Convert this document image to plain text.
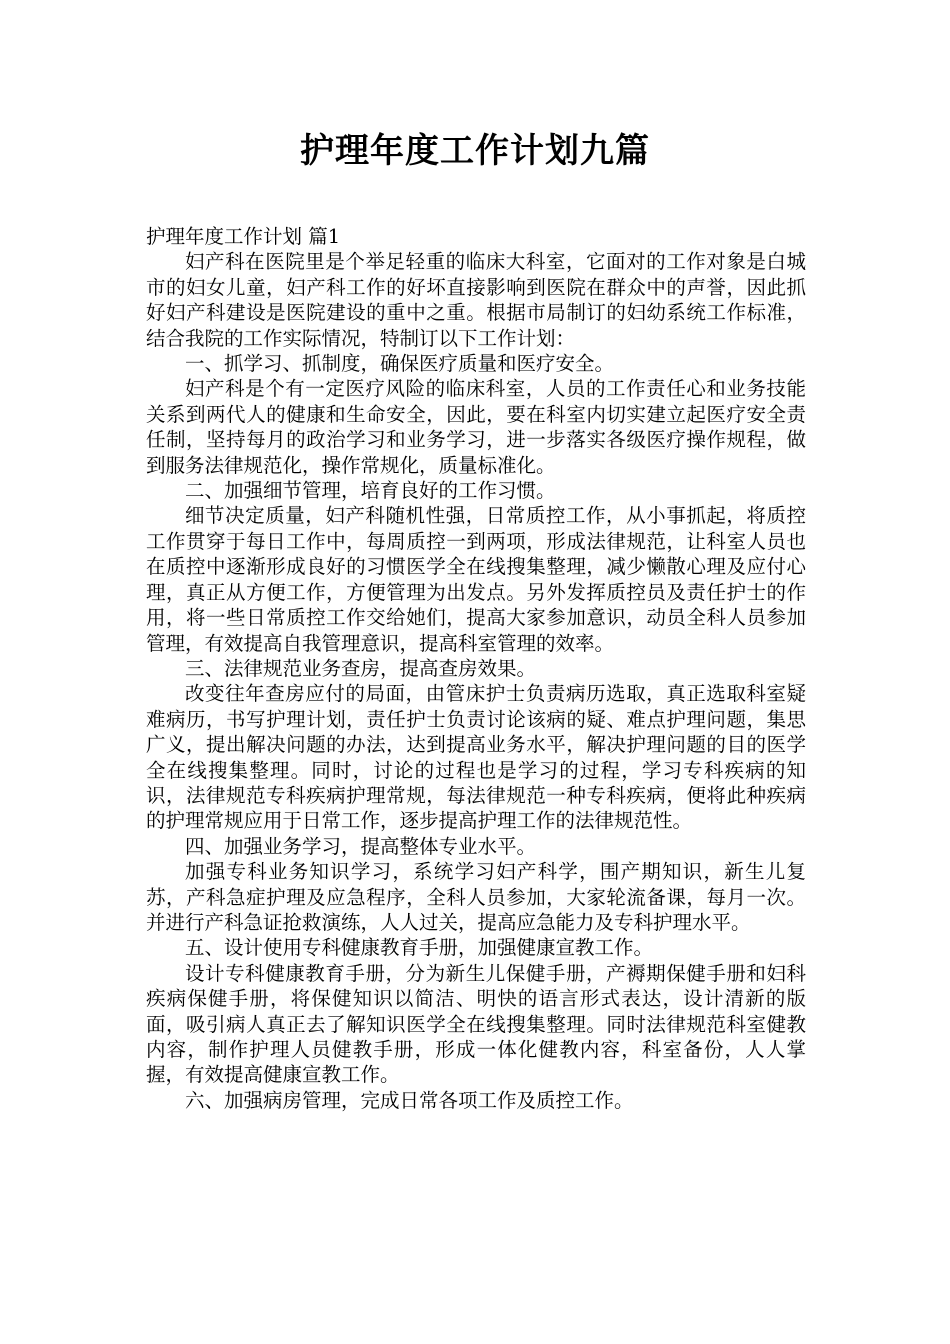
护理年度工作计划九篇

护理年度工作计划 篇1

妇产科在医院里是个举足轻重的临床大科室，它面对的工作对象是白城市的妇女儿童，妇产科工作的好坏直接影响到医院在群众中的声誉，因此抓好妇产科建设是医院建设的重中之重。根据市局制订的妇幼系统工作标准，结合我院的工作实际情况，特制订以下工作计划：

一、抓学习、抓制度，确保医疗质量和医疗安全。

妇产科是个有一定医疗风险的临床科室，人员的工作责任心和业务技能关系到两代人的健康和生命安全，因此，要在科室内切实建立起医疗安全责任制，坚持每月的政治学习和业务学习，进一步落实各级医疗操作规程，做到服务法律规范化，操作常规化，质量标准化。

二、加强细节管理，培育良好的工作习惯。

细节决定质量，妇产科随机性强，日常质控工作，从小事抓起，将质控工作贯穿于每日工作中，每周质控一到两项，形成法律规范，让科室人员也在质控中逐渐形成良好的习惯医学全在线搜集整理，减少懒散心理及应付心理，真正从方便工作，方便管理为出发点。另外发挥质控员及责任护士的作用，将一些日常质控工作交给她们，提高大家参加意识，动员全科人员参加管理，有效提高自我管理意识，提高科室管理的效率。

三、法律规范业务查房，提高查房效果。

改变往年查房应付的局面，由管床护士负责病历选取，真正选取科室疑难病历，书写护理计划，责任护士负责讨论该病的疑、难点护理问题，集思广义，提出解决问题的办法，达到提高业务水平，解决护理问题的目的医学全在线搜集整理。同时，讨论的过程也是学习的过程，学习专科疾病的知识，法律规范专科疾病护理常规，每法律规范一种专科疾病，便将此种疾病的护理常规应用于日常工作，逐步提高护理工作的法律规范性。

四、加强业务学习，提高整体专业水平。

加强专科业务知识学习，系统学习妇产科学，围产期知识，新生儿复苏，产科急症护理及应急程序，全科人员参加，大家轮流备课，每月一次。并进行产科急证抢救演练，人人过关，提高应急能力及专科护理水平。

五、设计使用专科健康教育手册，加强健康宣教工作。

设计专科健康教育手册，分为新生儿保健手册，产褥期保健手册和妇科疾病保健手册，将保健知识以简洁、明快的语言形式表达，设计清新的版面，吸引病人真正去了解知识医学全在线搜集整理。同时法律规范科室健教内容，制作护理人员健教手册，形成一体化健教内容，科室备份，人人掌握，有效提高健康宣教工作。

六、加强病房管理，完成日常各项工作及质控工作。
